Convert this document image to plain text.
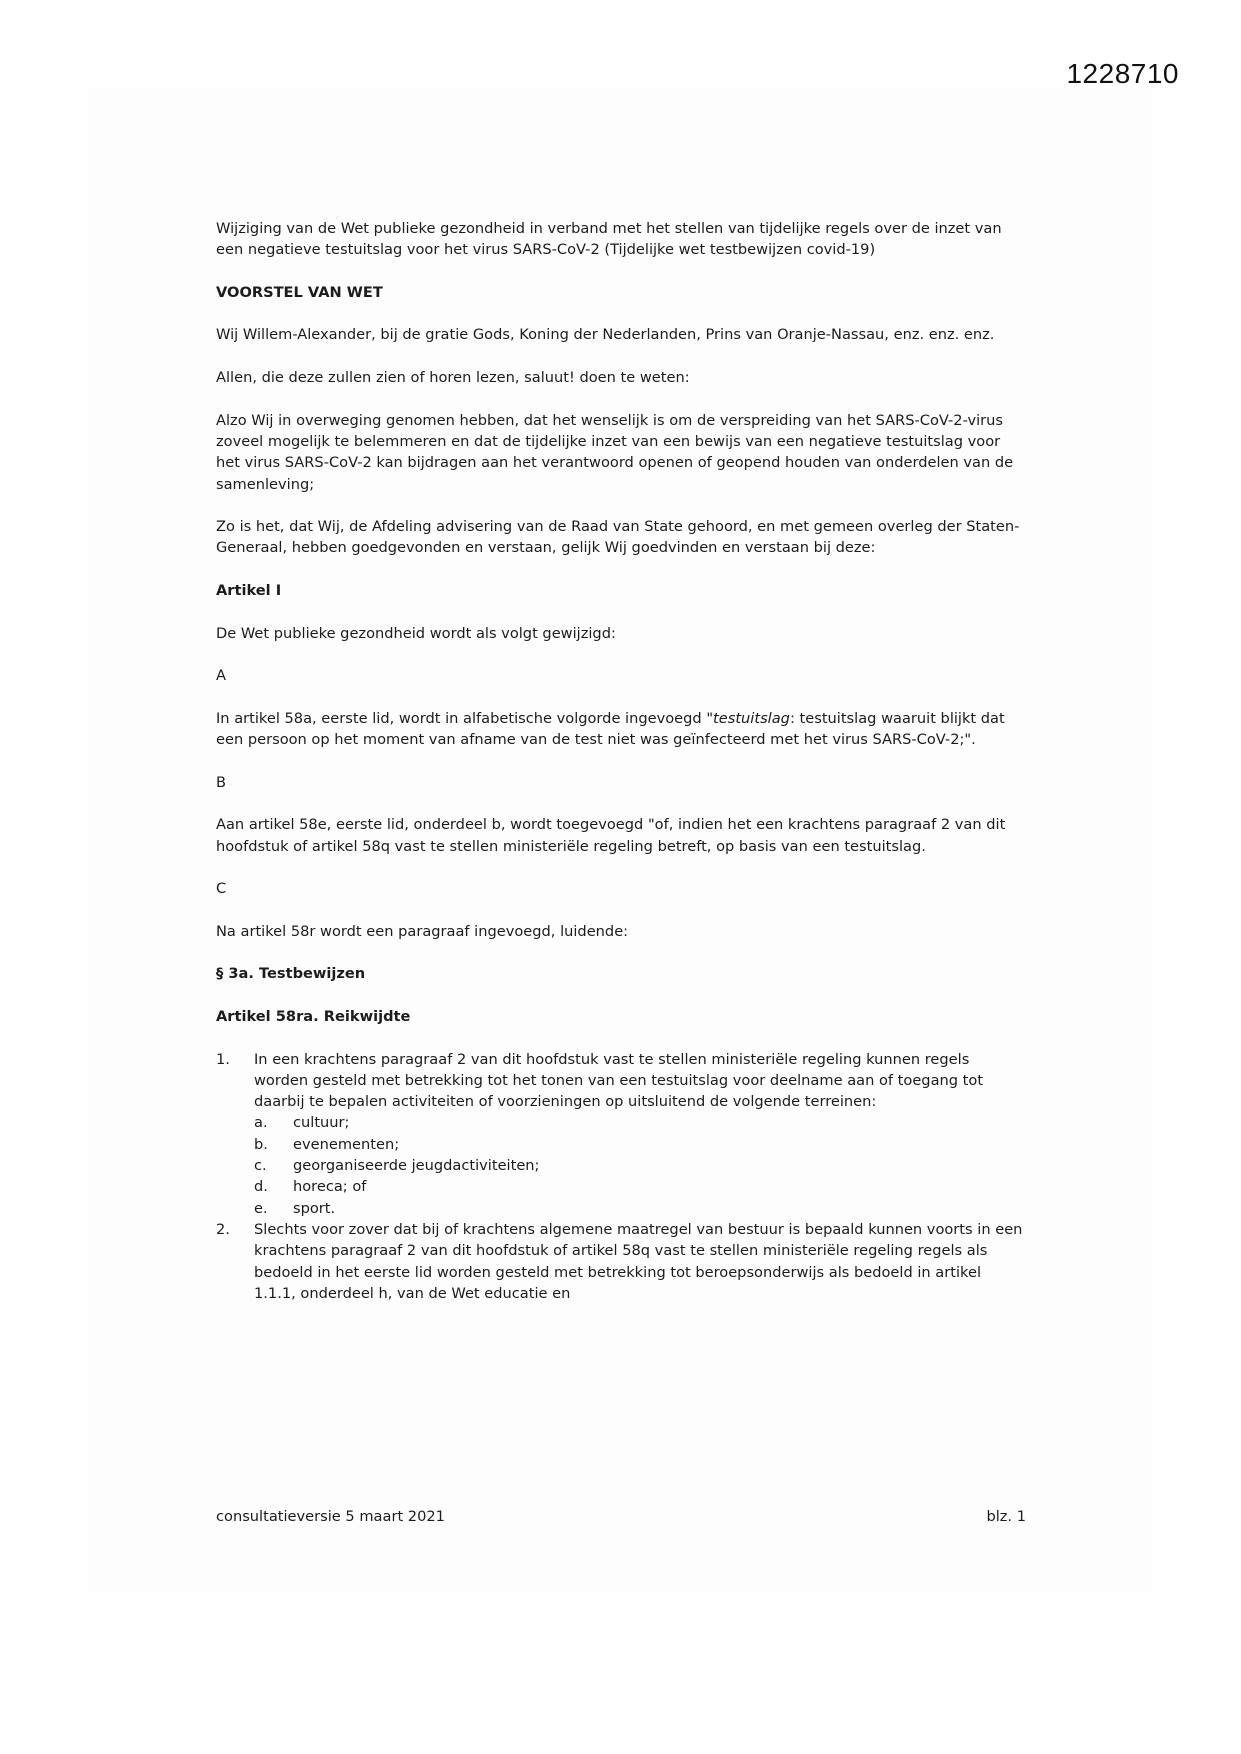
1228710

Wijziging van de Wet publieke gezondheid in verband met het stellen van tijdelijke regels over de inzet van een negatieve testuitslag voor het virus SARS-CoV-2 (Tijdelijke wet testbewijzen covid-19)

VOORSTEL VAN WET

Wij Willem-Alexander, bij de gratie Gods, Koning der Nederlanden, Prins van Oranje-Nassau, enz. enz. enz.

Allen, die deze zullen zien of horen lezen, saluut! doen te weten:

Alzo Wij in overweging genomen hebben, dat het wenselijk is om de verspreiding van het SARS-CoV-2-virus zoveel mogelijk te belemmeren en dat de tijdelijke inzet van een bewijs van een negatieve testuitslag voor het virus SARS-CoV-2 kan bijdragen aan het verantwoord openen of geopend houden van onderdelen van de samenleving;

Zo is het, dat Wij, de Afdeling advisering van de Raad van State gehoord, en met gemeen overleg der Staten-Generaal, hebben goedgevonden en verstaan, gelijk Wij goedvinden en verstaan bij deze:

Artikel I

De Wet publieke gezondheid wordt als volgt gewijzigd:

A

In artikel 58a, eerste lid, wordt in alfabetische volgorde ingevoegd "testuitslag: testuitslag waaruit blijkt dat een persoon op het moment van afname van de test niet was geïnfecteerd met het virus SARS-CoV-2;".

B

Aan artikel 58e, eerste lid, onderdeel b, wordt toegevoegd "of, indien het een krachtens paragraaf 2 van dit hoofdstuk of artikel 58q vast te stellen ministeriële regeling betreft, op basis van een testuitslag.

C

Na artikel 58r wordt een paragraaf ingevoegd, luidende:

§ 3a. Testbewijzen

Artikel 58ra. Reikwijdte

1. In een krachtens paragraaf 2 van dit hoofdstuk vast te stellen ministeriële regeling kunnen regels worden gesteld met betrekking tot het tonen van een testuitslag voor deelname aan of toegang tot daarbij te bepalen activiteiten of voorzieningen op uitsluitend de volgende terreinen:

a. cultuur;
b. evenementen;
c. georganiseerde jeugdactiviteiten;
d. horeca; of
e. sport.
2. Slechts voor zover dat bij of krachtens algemene maatregel van bestuur is bepaald kunnen voorts in een krachtens paragraaf 2 van dit hoofdstuk of artikel 58q vast te stellen ministeriële regeling regels als bedoeld in het eerste lid worden gesteld met betrekking tot beroepsonderwijs als bedoeld in artikel 1.1.1, onderdeel h, van de Wet educatie en

consultatieversie 5 maart 2021	blz. 1
